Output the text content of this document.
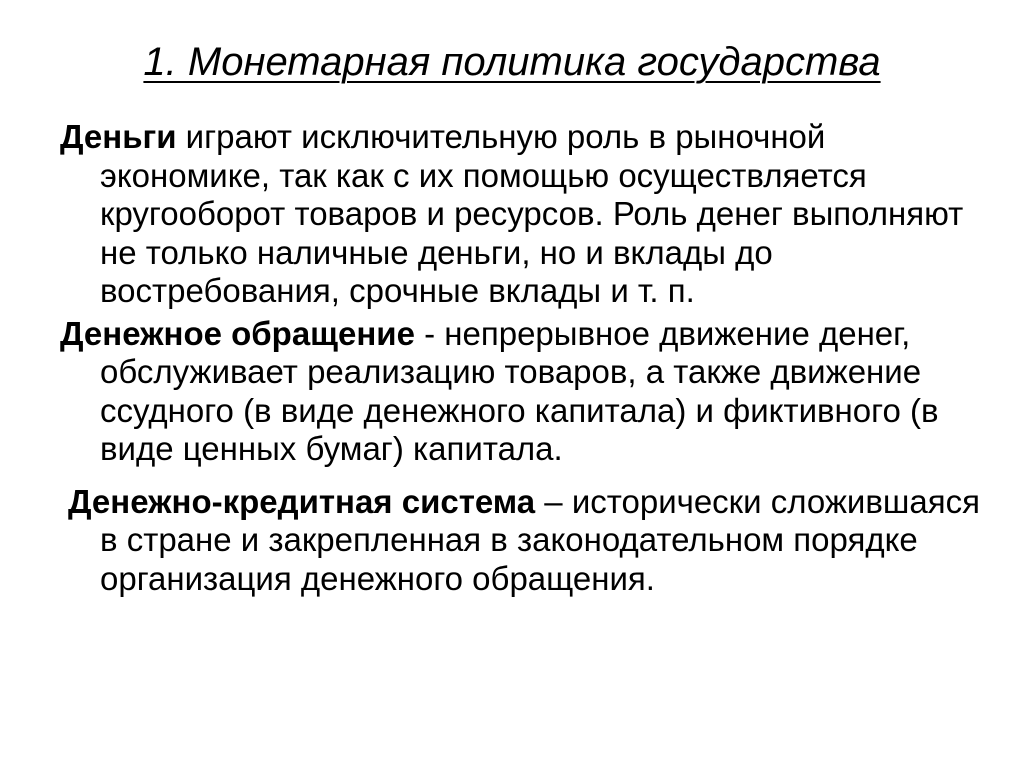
1. Монетарная политика государства

Деньги играют исключительную роль в рыночной экономике, так как с их помощью осуществляется кругооборот товаров и ресурсов. Роль денег выполняют не только наличные деньги, но и вклады до востребования, срочные вклады и т. п.

Денежное обращение - непрерывное движение денег, обслуживает реализацию товаров, а также движение ссудного (в виде денежного капитала) и фиктивного (в виде ценных бумаг) капитала.

Денежно-кредитная система – исторически сложившаяся в стране и закрепленная в законодательном порядке организация денежного обращения.
